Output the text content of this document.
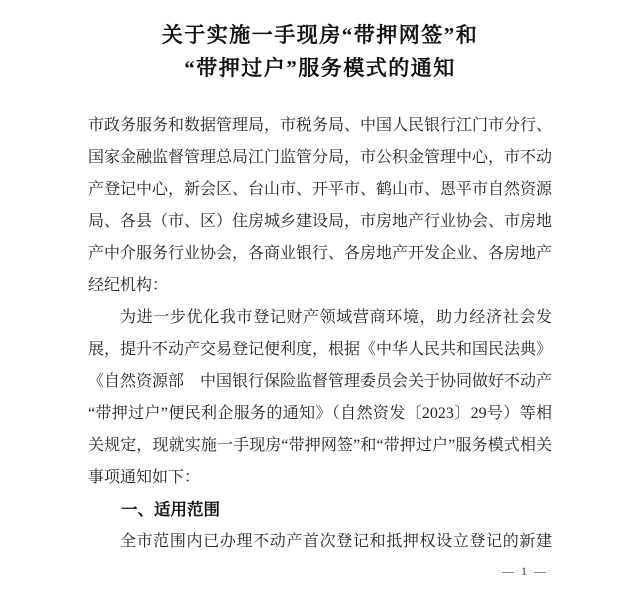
关于实施一手现房“带押网签”和
“带押过户”服务模式的通知

市政务服务和数据管理局，市税务局、中国人民银行江门市分行、国家金融监督管理总局江门监管分局，市公积金管理中心，市不动产登记中心，新会区、台山市、开平市、鹤山市、恩平市自然资源局、各县（市、区）住房城乡建设局，市房地产行业协会、市房地产中介服务行业协会，各商业银行、各房地产开发企业、各房地产经纪机构：

为进一步优化我市登记财产领域营商环境，助力经济社会发展，提升不动产交易登记便利度，根据《中华人民共和国民法典》《自然资源部　中国银行保险监督管理委员会关于协同做好不动产“带押过户”便民利企服务的通知》（自然资发〔2023〕29号）等相关规定，现就实施一手现房“带押网签”和“带押过户”服务模式相关事项通知如下：

一、适用范围

全市范围内已办理不动产首次登记和抵押权设立登记的新建

— 1 —
